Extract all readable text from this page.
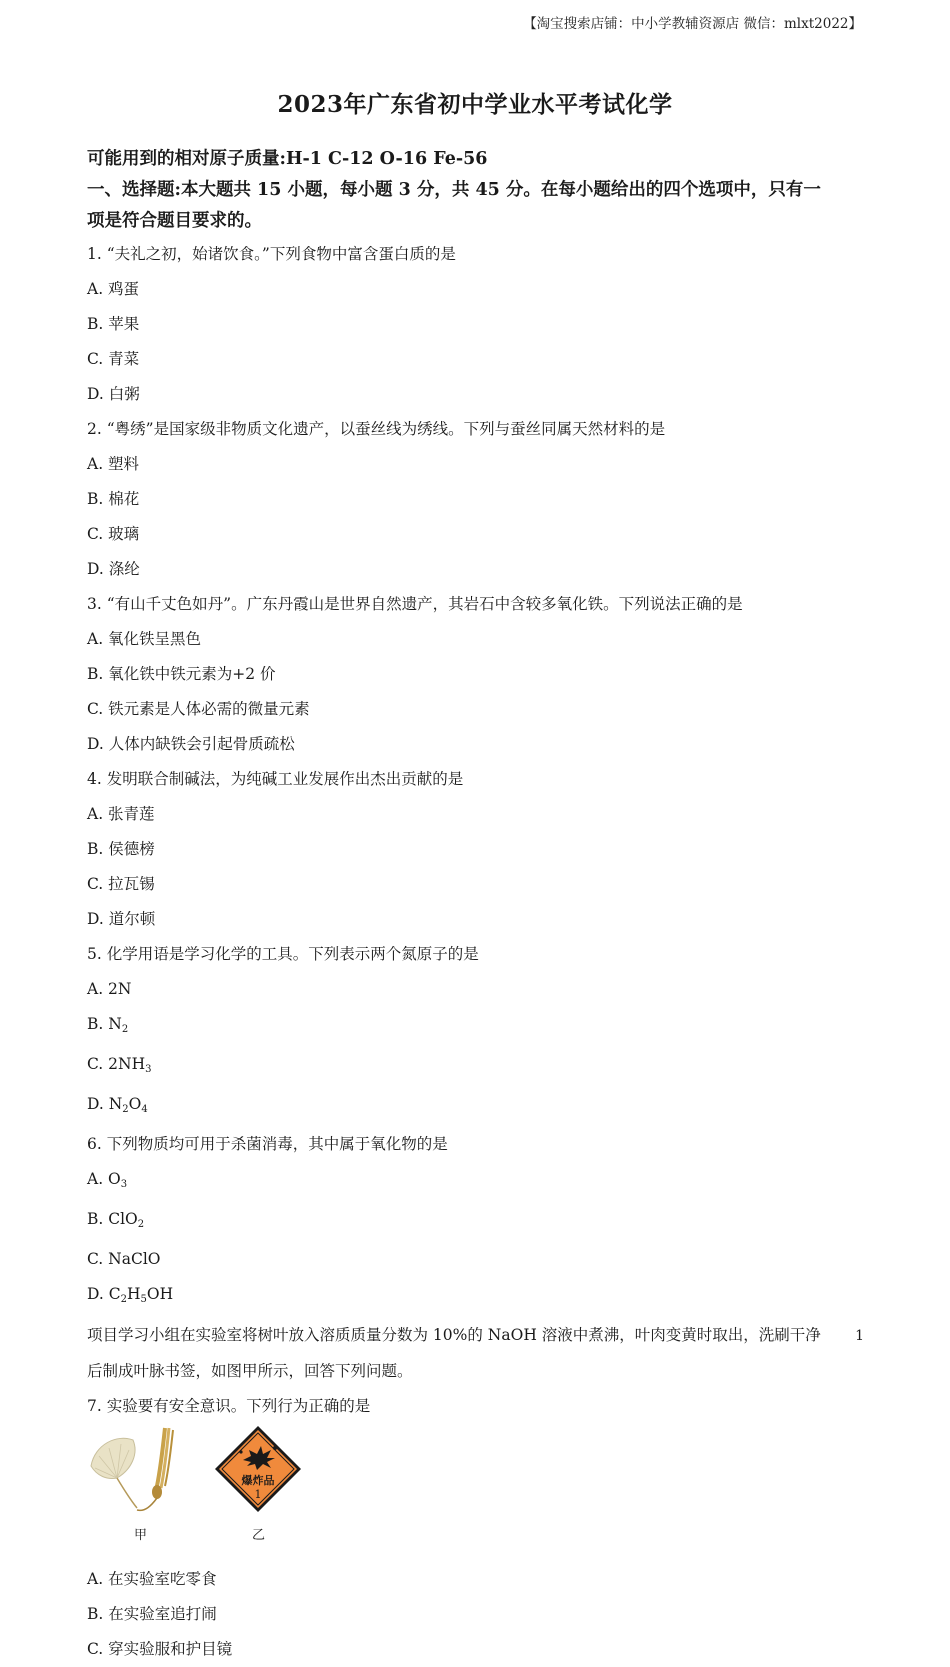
【淘宝搜索店铺：中小学教辅资源店 微信：mlxt2022】
2023年广东省初中学业水平考试化学
可能用到的相对原子质量:H-1 C-12 O-16 Fe-56
一、选择题:本大题共 15 小题，每小题 3 分，共 45 分。在每小题给出的四个选项中，只有一
项是符合题目要求的。
1. “夫礼之初，始诸饮食。”下列食物中富含蛋白质的是
A. 鸡蛋
B. 苹果
C. 青菜
D. 白粥
2. “粤绣”是国家级非物质文化遗产，以蚕丝线为绣线。下列与蚕丝同属天然材料的是
A. 塑料
B. 棉花
C. 玻璃
D. 涤纶
3. “有山千丈色如丹”。广东丹霞山是世界自然遗产，其岩石中含较多氧化铁。下列说法正确的是
A. 氧化铁呈黑色
B. 氧化铁中铁元素为+2 价
C. 铁元素是人体必需的微量元素
D. 人体内缺铁会引起骨质疏松
4. 发明联合制碱法，为纯碱工业发展作出杰出贡献的是
A. 张青莲
B. 侯德榜
C. 拉瓦锡
D. 道尔顿
5. 化学用语是学习化学的工具。下列表示两个氮原子的是
A. 2N
B. $N_2$
C. $2NH_3$
D. $N_2O_4$
6. 下列物质均可用于杀菌消毒，其中属于氧化物的是
A. $O_3$
B. ClO$_2$
C. NaClO
D. $C_2H_5OH$
项目学习小组在实验室将树叶放入溶质质量分数为 10%的 NaOH 溶液中煮沸，叶肉变黄时取出，洗刷干净
后制成叶脉书签，如图甲所示，回答下列问题。
7. 实验要有安全意识。下列行为正确的是
甲
爆炸品
1
乙
A. 在实验室吃零食
B. 在实验室追打闹
C. 穿实验服和护目镜
1
